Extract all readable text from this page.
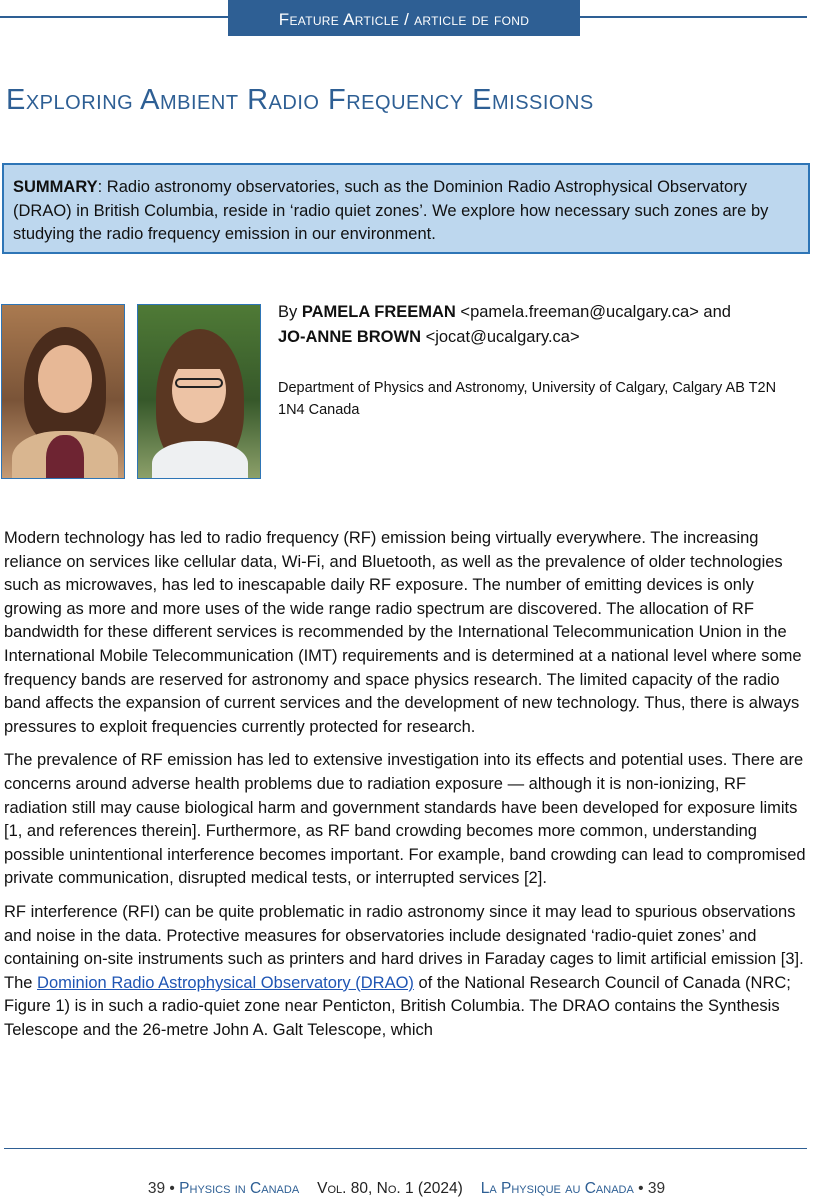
Feature Article / article de fond
Exploring Ambient Radio Frequency Emissions
SUMMARY: Radio astronomy observatories, such as the Dominion Radio Astrophysical Observatory (DRAO) in British Columbia, reside in ‘radio quiet zones’. We explore how necessary such zones are by studying the radio frequency emission in our environment.
By PAMELA FREEMAN <pamela.freeman@ucalgary.ca> and
JO-ANNE BROWN <jocat@ucalgary.ca>
Department of Physics and Astronomy, University of Calgary, Calgary AB T2N 1N4 Canada

Modern technology has led to radio frequency (RF) emission being virtually everywhere. The increasing reliance on services like cellular data, Wi-Fi, and Bluetooth, as well as the prevalence of older technologies such as microwaves, has led to inescapable daily RF exposure. The number of emitting devices is only growing as more and more uses of the wide range radio spectrum are discovered. The allocation of RF bandwidth for these different services is recommended by the International Telecommunication Union in the International Mobile Telecommunication (IMT) requirements and is determined at a national level where some frequency bands are reserved for astronomy and space physics research. The limited capacity of the radio band affects the expansion of current services and the development of new technology. Thus, there is always pressures to exploit frequencies currently protected for research.

The prevalence of RF emission has led to extensive investigation into its effects and potential uses. There are concerns around adverse health problems due to radiation exposure — although it is non-ionizing, RF radiation still may cause biological harm and government standards have been developed for exposure limits [1, and references therein]. Furthermore, as RF band crowding becomes more common, understanding possible unintentional interference becomes important. For example, band crowding can lead to compromised private communication, disrupted medical tests, or interrupted services [2].

RF interference (RFI) can be quite problematic in radio astronomy since it may lead to spurious observations and noise in the data. Protective measures for observatories include designated ‘radio-quiet zones’ and containing on-site instruments such as printers and hard drives in Faraday cages to limit artificial emission [3]. The Dominion Radio Astrophysical Observatory (DRAO) of the National Research Council of Canada (NRC; Figure 1) is in such a radio-quiet zone near Penticton, British Columbia. The DRAO contains the Synthesis Telescope and the 26-metre John A. Galt Telescope, which

39 • Physics in Canada Vol. 80, No. 1 (2024) La Physique au Canada • 39
